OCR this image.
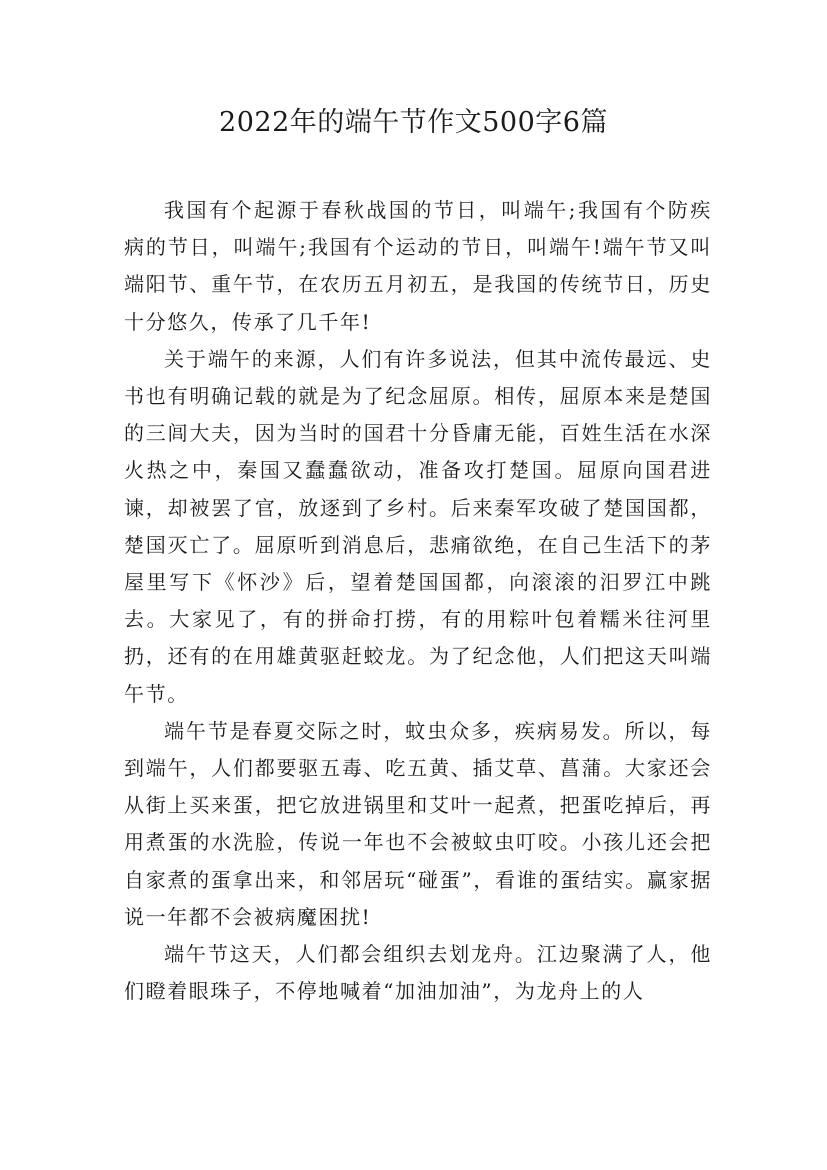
2022年的端午节作文500字6篇

我国有个起源于春秋战国的节日，叫端午;我国有个防疾病的节日，叫端午;我国有个运动的节日，叫端午!端午节又叫端阳节、重午节，在农历五月初五，是我国的传统节日，历史十分悠久，传承了几千年!

关于端午的来源，人们有许多说法，但其中流传最远、史书也有明确记载的就是为了纪念屈原。相传，屈原本来是楚国的三闾大夫，因为当时的国君十分昏庸无能，百姓生活在水深火热之中，秦国又蠢蠢欲动，准备攻打楚国。屈原向国君进谏，却被罢了官，放逐到了乡村。后来秦军攻破了楚国国都，楚国灭亡了。屈原听到消息后，悲痛欲绝，在自己生活下的茅屋里写下《怀沙》后，望着楚国国都，向滚滚的汨罗江中跳去。大家见了，有的拼命打捞，有的用粽叶包着糯米往河里扔，还有的在用雄黄驱赶蛟龙。为了纪念他，人们把这天叫端午节。

端午节是春夏交际之时，蚊虫众多，疾病易发。所以，每到端午，人们都要驱五毒、吃五黄、插艾草、菖蒲。大家还会从街上买来蛋，把它放进锅里和艾叶一起煮，把蛋吃掉后，再用煮蛋的水洗脸，传说一年也不会被蚊虫叮咬。小孩儿还会把自家煮的蛋拿出来，和邻居玩“碰蛋”，看谁的蛋结实。赢家据说一年都不会被病魔困扰!

端午节这天，人们都会组织去划龙舟。江边聚满了人，他们瞪着眼珠子，不停地喊着“加油加油”，为龙舟上的人
